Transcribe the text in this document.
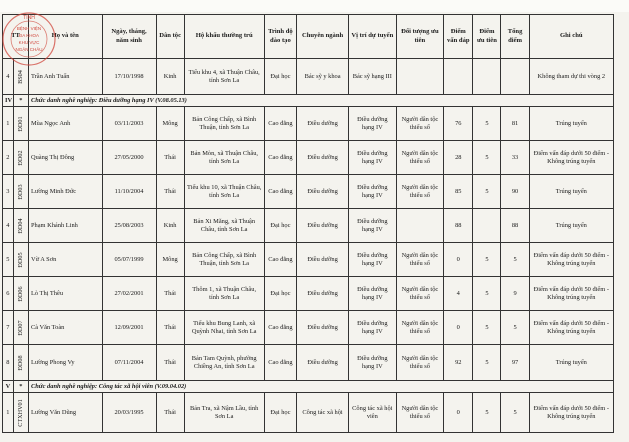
TT		Họ và tên	Ngày, tháng, năm sinh	Dân tộc	Hộ khẩu thường trú	Trình độ đào tạo	Chuyên ngành	Vị trí dự tuyển	Đối tượng ưu tiên	Điểm vấn đáp	Điểm ưu tiên	Tổng điểm	Ghi chú
4	BS04	Trần Anh Tuấn	17/10/1998	Kinh	Tiểu khu 4, xã Thuận Châu, tỉnh Sơn La	Đại học	Bác sỹ y khoa	Bác sỹ hạng III					Không tham dự thi vòng 2
IV	*	Chức danh nghề nghiệp: Điều dưỡng hạng IV (V.08.05.13)											
1	ĐD01	Mùa Ngọc Anh	03/11/2003	Mông	Bản Công Chấp, xã Bình Thuận, tỉnh Sơn La	Cao đẳng	Điều dưỡng	Điều dưỡng hạng IV	Người dân tộc thiểu số	76	5	81	Trúng tuyển
2	ĐD02	Quàng Thị Đông	27/05/2000	Thái	Bản Mòn, xã Thuận Châu, tỉnh Sơn La	Cao đẳng	Điều dưỡng	Điều dưỡng hạng IV	Người dân tộc thiểu số	28	5	33	Điểm vấn đáp dưới 50 điểm - Không trúng tuyển
3	ĐD03	Lường Minh Đức	11/10/2004	Thái	Tiểu khu 10, xã Thuận Châu, tỉnh Sơn La	Cao đẳng	Điều dưỡng	Điều dưỡng hạng IV	Người dân tộc thiểu số	85	5	90	Trúng tuyển
4	ĐD04	Phạm Khánh Linh	25/08/2003	Kinh	Bản Xi Măng, xã Thuận Châu, tỉnh Sơn La	Đại học	Điều dưỡng	Điều dưỡng hạng IV		88		88	Trúng tuyển
5	ĐD05	Vừ A Sơn	05/07/1999	Mông	Bản Công Chấp, xã Bình Thuận, tỉnh Sơn La	Cao đẳng	Điều dưỡng	Điều dưỡng hạng IV	Người dân tộc thiểu số	0	5	5	Điểm vấn đáp dưới 50 điểm - Không trúng tuyển
6	ĐD06	Lò Thị Thêu	27/02/2001	Thái	Thôm 1, xã Thuận Châu, tỉnh Sơn La	Đại học	Điều dưỡng	Điều dưỡng hạng IV	Người dân tộc thiểu số	4	5	9	Điểm vấn đáp dưới 50 điểm - Không trúng tuyển
7	ĐD07	Cà Văn Toàn	12/09/2001	Thái	Tiểu khu Bung Lanh, xã Quỳnh Nhai, tỉnh Sơn La	Cao đẳng	Điều dưỡng	Điều dưỡng hạng IV	Người dân tộc thiểu số	0	5	5	Điểm vấn đáp dưới 50 điểm - Không trúng tuyển
8	ĐD08	Lường Phong Vy	07/11/2004	Thái	Bản Tam Quỳnh, phường Chiềng An, tỉnh Sơn La	Cao đẳng	Điều dưỡng	Điều dưỡng hạng IV	Người dân tộc thiểu số	92	5	97	Trúng tuyển
V	*	Chức danh nghề nghiệp: Công tác xã hội viên (V.09.04.02)											
1	CTXHV01	Lường Văn Dũng	20/03/1995	Thái	Bản Tra, xã Nậm Lầu, tỉnh Sơn La	Đại học	Công tác xã hội	Công tác xã hội viên	Người dân tộc thiểu số	0	5	5	Điểm vấn đáp dưới 50 điểm - Không trúng tuyển
TỈNH
BỆNH VIỆN
ĐA KHOA
KHU VỰC
NGẬN CHÂU
